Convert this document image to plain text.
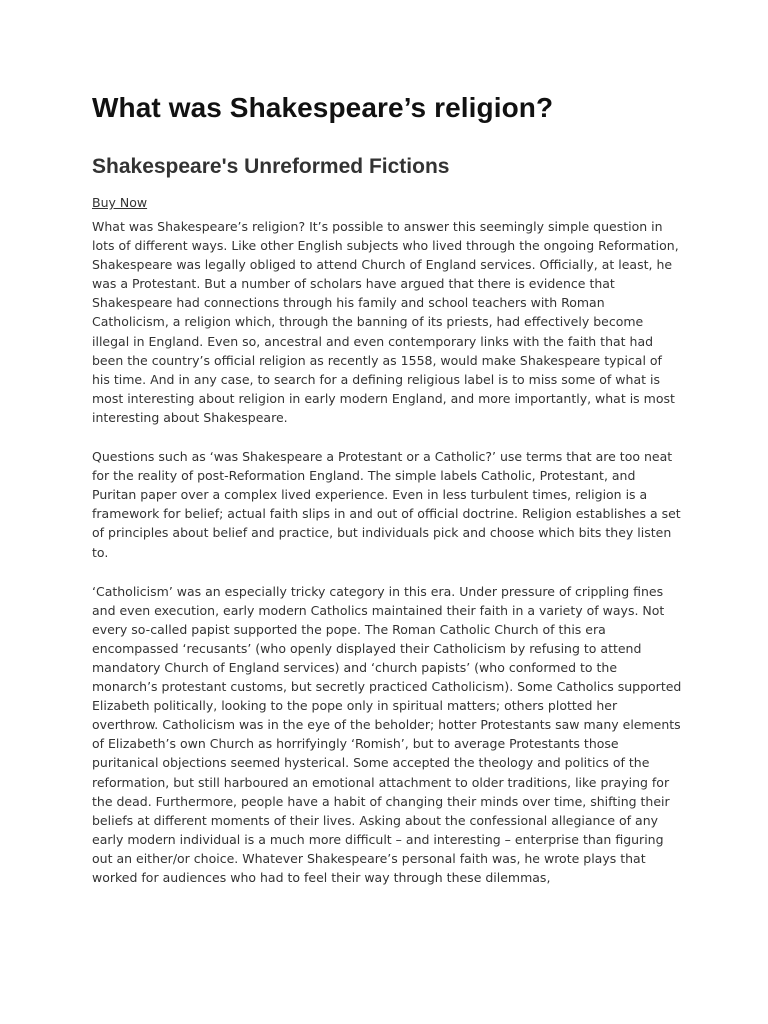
What was Shakespeare’s religion?
Shakespeare's Unreformed Fictions
Buy Now

What was Shakespeare’s religion? It’s possible to answer this seemingly simple question in lots of different ways. Like other English subjects who lived through the ongoing Reformation, Shakespeare was legally obliged to attend Church of England services. Officially, at least, he was a Protestant. But a number of scholars have argued that there is evidence that Shakespeare had connections through his family and school teachers with Roman Catholicism, a religion which, through the banning of its priests, had effectively become illegal in England. Even so, ancestral and even contemporary links with the faith that had been the country’s official religion as recently as 1558, would make Shakespeare typical of his time. And in any case, to search for a defining religious label is to miss some of what is most interesting about religion in early modern England, and more importantly, what is most interesting about Shakespeare.

Questions such as ‘was Shakespeare a Protestant or a Catholic?’ use terms that are too neat for the reality of post-Reformation England. The simple labels Catholic, Protestant, and Puritan paper over a complex lived experience. Even in less turbulent times, religion is a framework for belief; actual faith slips in and out of official doctrine. Religion establishes a set of principles about belief and practice, but individuals pick and choose which bits they listen to.

‘Catholicism’ was an especially tricky category in this era. Under pressure of crippling fines and even execution, early modern Catholics maintained their faith in a variety of ways. Not every so-called papist supported the pope. The Roman Catholic Church of this era encompassed ‘recusants’ (who openly displayed their Catholicism by refusing to attend mandatory Church of England services) and ‘church papists’ (who conformed to the monarch’s protestant customs, but secretly practiced Catholicism). Some Catholics supported Elizabeth politically, looking to the pope only in spiritual matters; others plotted her overthrow. Catholicism was in the eye of the beholder; hotter Protestants saw many elements of Elizabeth’s own Church as horrifyingly ‘Romish’, but to average Protestants those puritanical objections seemed hysterical. Some accepted the theology and politics of the reformation, but still harboured an emotional attachment to older traditions, like praying for the dead. Furthermore, people have a habit of changing their minds over time, shifting their beliefs at different moments of their lives. Asking about the confessional allegiance of any early modern individual is a much more difficult – and interesting – enterprise than figuring out an either/or choice. Whatever Shakespeare’s personal faith was, he wrote plays that worked for audiences who had to feel their way through these dilemmas,
